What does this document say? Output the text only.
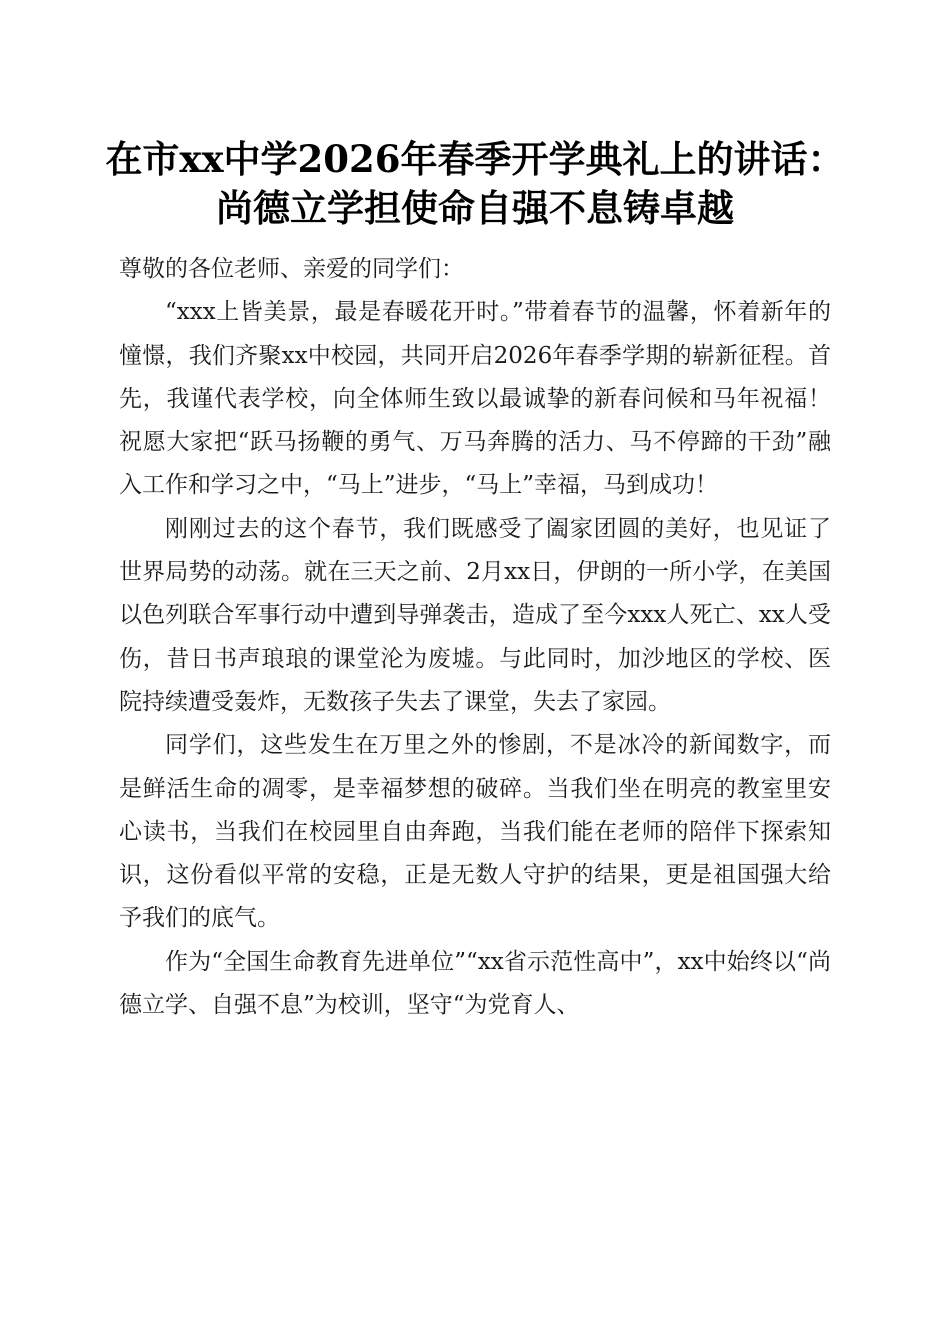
在市xx中学2026年春季开学典礼上的讲话：
尚德立学担使命自强不息铸卓越

尊敬的各位老师、亲爱的同学们：

“xxx上皆美景，最是春暖花开时。”带着春节的温馨，怀着新年的憧憬，我们齐聚xx中校园，共同开启2026年春季学期的崭新征程。首先，我谨代表学校，向全体师生致以最诚挚的新春问候和马年祝福！祝愿大家把“跃马扬鞭的勇气、万马奔腾的活力、马不停蹄的干劲”融入工作和学习之中，“马上”进步，“马上”幸福，马到成功！

刚刚过去的这个春节，我们既感受了阖家团圆的美好，也见证了世界局势的动荡。就在三天之前、2月xx日，伊朗的一所小学，在美国以色列联合军事行动中遭到导弹袭击，造成了至今xxx人死亡、xx人受伤，昔日书声琅琅的课堂沦为废墟。与此同时，加沙地区的学校、医院持续遭受轰炸，无数孩子失去了课堂，失去了家园。

同学们，这些发生在万里之外的惨剧，不是冰冷的新闻数字，而是鲜活生命的凋零，是幸福梦想的破碎。当我们坐在明亮的教室里安心读书，当我们在校园里自由奔跑，当我们能在老师的陪伴下探索知识，这份看似平常的安稳，正是无数人守护的结果，更是祖国强大给予我们的底气。

作为“全国生命教育先进单位”“xx省示范性高中”，xx中始终以“尚德立学、自强不息”为校训，坚守“为党育人、
